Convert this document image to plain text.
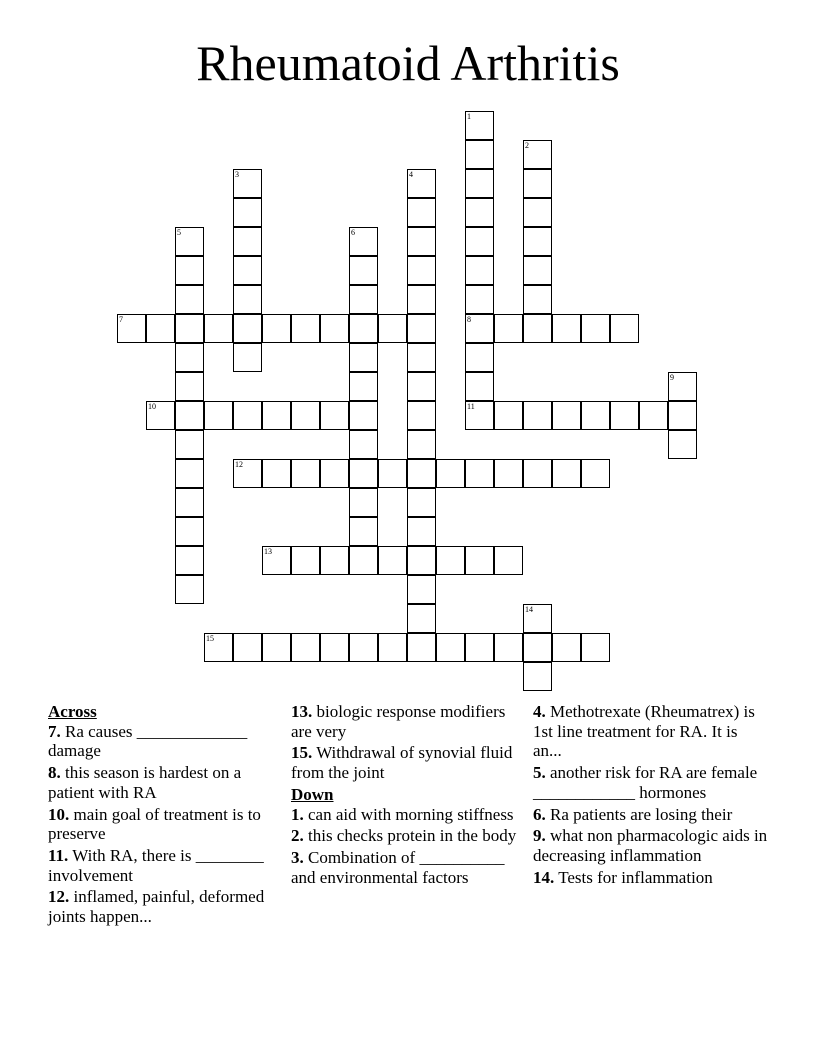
Rheumatoid Arthritis
1
8
2
3	4
5	6
7
9
10	11
12
13
14
15
Across
7. Ra causes _____________ damage
8. this season is hardest on a patient with RA
10. main goal of treatment is to preserve
11. With RA, there is ________ involvement
12. inflamed, painful, deformed joints happen...
13. biologic response modifiers are very
15. Withdrawal of synovial fluid from the joint
Down
1. can aid with morning stiffness
2. this checks protein in the body
3. Combination of __________ and environmental factors
4. Methotrexate (Rheumatrex) is 1st line treatment for RA. It is an...
5. another risk for RA are female ____________ hormones
6. Ra patients are losing their
9. what non pharmacologic aids in decreasing inflammation
14. Tests for inflammation
